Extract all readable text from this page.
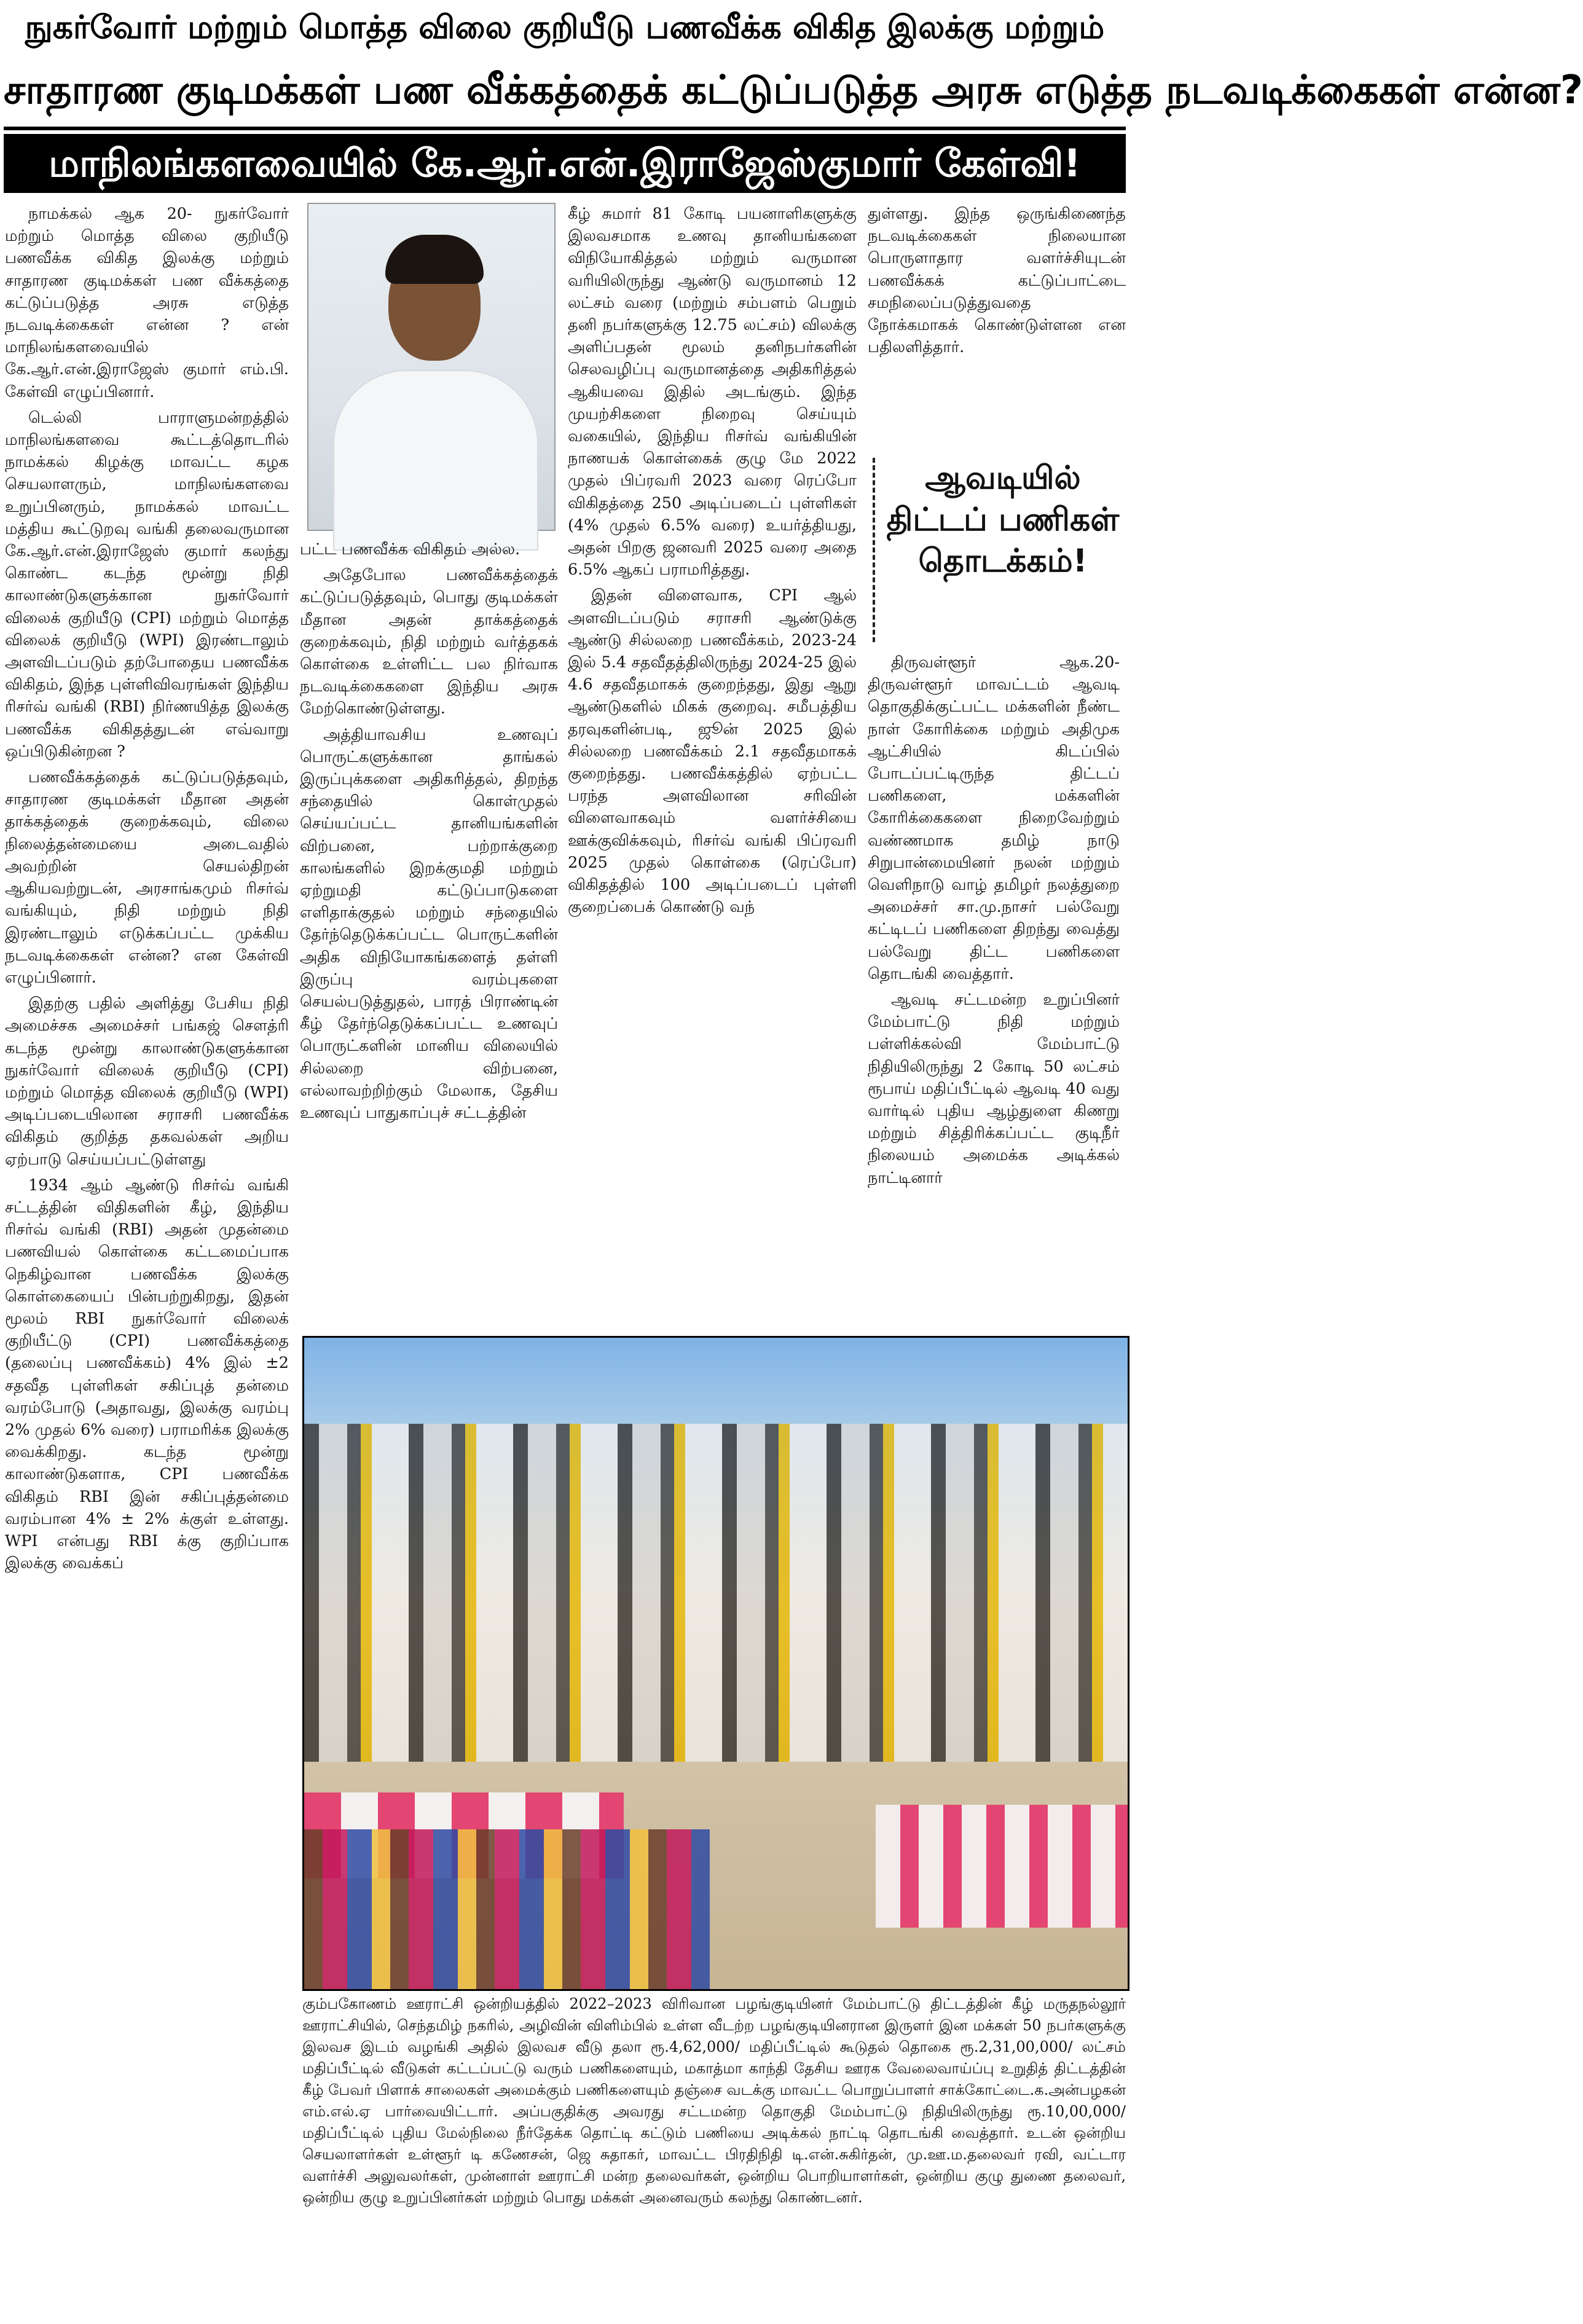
நுகர்வோர் மற்றும் மொத்த விலை குறியீடு பணவீக்க விகித இலக்கு மற்றும்
சாதாரண குடிமக்கள் பண வீக்கத்தைக் கட்டுப்படுத்த அரசு எடுத்த நடவடிக்கைகள் என்ன?
மாநிலங்களவையில் கே.ஆர்.என்.இராஜேஸ்குமார் கேள்வி!

நாமக்கல் ஆக 20- நுகர்வோர் மற்றும் மொத்த விலை குறியீடு பணவீக்க விகித இலக்கு மற்றும் சாதாரண குடிமக்கள் பண வீக்கத்தை கட்டுப்படுத்த அரசு எடுத்த நடவடிக்கைகள் என்ன ? என் மாநிலங்களவையில் கே.ஆர்.என்.இராஜேஸ் குமார் எம்.பி. கேள்வி எழுப்பினார்.

டெல்லி பாராளுமன்றத்தில் மாநிலங்களவை கூட்டத்தொடரில் நாமக்கல் கிழக்கு மாவட்ட கழக செயலாளரும், மாநிலங்களவை உறுப்பினரும், நாமக்கல் மாவட்ட மத்திய கூட்டுறவு வங்கி தலைவருமான கே.ஆர்.என்.இராஜேஸ் குமார் கலந்து கொண்ட கடந்த மூன்று நிதி காலாண்டுகளுக்கான நுகர்வோர் விலைக் குறியீடு (CPI) மற்றும் மொத்த விலைக் குறியீடு (WPI) இரண்டாலும் அளவிடப்படும் தற்போதைய பணவீக்க விகிதம், இந்த புள்ளிவிவரங்கள் இந்திய ரிசர்வ் வங்கி (RBI) நிர்ணயித்த இலக்கு பணவீக்க விகிதத்துடன் எவ்வாறு ஒப்பிடுகின்றன ?

பணவீக்கத்தைக் கட்டுப்படுத்தவும், சாதாரண குடிமக்கள் மீதான அதன் தாக்கத்தைக் குறைக்கவும், விலை நிலைத்தன்மையை அடைவதில் அவற்றின் செயல்திறன் ஆகியவற்றுடன், அரசாங்கமும் ரிசர்வ் வங்கியும், நிதி மற்றும் நிதி இரண்டாலும் எடுக்கப்பட்ட முக்கிய நடவடிக்கைகள் என்ன? என கேள்வி எழுப்பினார்.

இதற்கு பதில் அளித்து பேசிய நிதி அமைச்சக அமைச்சர் பங்கஜ் சௌத்ரி கடந்த மூன்று காலாண்டுகளுக்கான நுகர்வோர் விலைக் குறியீடு (CPI) மற்றும் மொத்த விலைக் குறியீடு (WPI) அடிப்படையிலான சராசரி பணவீக்க விகிதம் குறித்த தகவல்கள் அறிய ஏற்பாடு செய்யப்பட்டுள்ளது

1934 ஆம் ஆண்டு ரிசர்வ் வங்கி சட்டத்தின் விதிகளின் கீழ், இந்திய ரிசர்வ் வங்கி (RBI) அதன் முதன்மை பணவியல் கொள்கை கட்டமைப்பாக நெகிழ்வான பணவீக்க இலக்கு கொள்கையைப் பின்பற்றுகிறது, இதன் மூலம் RBI நுகர்வோர் விலைக் குறியீட்டு (CPI) பணவீக்கத்தை (தலைப்பு பணவீக்கம்) 4% இல் ±2 சதவீத புள்ளிகள் சகிப்புத் தன்மை வரம்போடு (அதாவது, இலக்கு வரம்பு 2% முதல் 6% வரை) பராமரிக்க இலக்கு வைக்கிறது. கடந்த மூன்று காலாண்டுகளாக, CPI பணவீக்க விகிதம் RBI இன் சகிப்புத்தன்மை வரம்பான 4% ± 2% க்குள் உள்ளது. WPI என்பது RBI க்கு குறிப்பாக இலக்கு வைக்கப்

பட்ட பணவீக்க விகிதம் அல்ல.

அதேபோல பணவீக்கத்தைக் கட்டுப்படுத்தவும், பொது குடிமக்கள் மீதான அதன் தாக்கத்தைக் குறைக்கவும், நிதி மற்றும் வர்த்தகக் கொள்கை உள்ளிட்ட பல நிர்வாக நடவடிக்கைகளை இந்திய அரசு மேற்கொண்டுள்ளது.

அத்தியாவசிய உணவுப் பொருட்களுக்கான தாங்கல் இருப்புக்களை அதிகரித்தல், திறந்த சந்தையில் கொள்முதல் செய்யப்பட்ட தானியங்களின் விற்பனை, பற்றாக்குறை காலங்களில் இறக்குமதி மற்றும் ஏற்றுமதி கட்டுப்பாடுகளை எளிதாக்குதல் மற்றும் சந்தையில் தேர்ந்தெடுக்கப்பட்ட பொருட்களின் அதிக விநியோகங்களைத் தள்ளி இருப்பு வரம்புகளை செயல்படுத்துதல், பாரத் பிராண்டின் கீழ் தேர்ந்தெடுக்கப்பட்ட உணவுப் பொருட்களின் மானிய விலையில் சில்லறை விற்பனை, எல்லாவற்றிற்கும் மேலாக, தேசிய உணவுப் பாதுகாப்புச் சட்டத்தின்

கீழ் சுமார் 81 கோடி பயனாளிகளுக்கு இலவசமாக உணவு தானியங்களை விநியோகித்தல் மற்றும் வருமான வரியிலிருந்து ஆண்டு வருமானம் 12 லட்சம் வரை (மற்றும் சம்பளம் பெறும் தனி நபர்களுக்கு 12.75 லட்சம்) விலக்கு அளிப்பதன் மூலம் தனிநபர்களின் செலவழிப்பு வருமானத்தை அதிகரித்தல் ஆகியவை இதில் அடங்கும். இந்த முயற்சிகளை நிறைவு செய்யும் வகையில், இந்திய ரிசர்வ் வங்கியின் நாணயக் கொள்கைக் குழு மே 2022 முதல் பிப்ரவரி 2023 வரை ரெப்போ விகிதத்தை 250 அடிப்படைப் புள்ளிகள் (4% முதல் 6.5% வரை) உயர்த்தியது, அதன் பிறகு ஜனவரி 2025 வரை அதை 6.5% ஆகப் பராமரித்தது.

இதன் விளைவாக, CPI ஆல் அளவிடப்படும் சராசரி ஆண்டுக்கு ஆண்டு சில்லறை பணவீக்கம், 2023-24 இல் 5.4 சதவீதத்திலிருந்து 2024-25 இல் 4.6 சதவீதமாகக் குறைந்தது, இது ஆறு ஆண்டுகளில் மிகக் குறைவு. சமீபத்திய தரவுகளின்படி, ஜூன் 2025 இல் சில்லறை பணவீக்கம் 2.1 சதவீதமாகக் குறைந்தது. பணவீக்கத்தில் ஏற்பட்ட பரந்த அளவிலான சரிவின் விளைவாகவும் வளர்ச்சியை ஊக்குவிக்கவும், ரிசர்வ் வங்கி பிப்ரவரி 2025 முதல் கொள்கை (ரெப்போ) விகிதத்தில் 100 அடிப்படைப் புள்ளி குறைப்பைக் கொண்டு வந்

துள்ளது. இந்த ஒருங்கிணைந்த நடவடிக்கைகள் நிலையான பொருளாதார வளர்ச்சியுடன் பணவீக்கக் கட்டுப்பாட்டை சமநிலைப்படுத்துவதை நோக்கமாகக் கொண்டுள்ளன என பதிலளித்தார்.

ஆவடியில் திட்டப் பணிகள் தொடக்கம்!

திருவள்ளூர் ஆக.20- திருவள்ளூர் மாவட்டம் ஆவடி தொகுதிக்குட்பட்ட மக்களின் நீண்ட நாள் கோரிக்கை மற்றும் அதிமுக ஆட்சியில் கிடப்பில் போடப்பட்டிருந்த திட்டப் பணிகளை, மக்களின் கோரிக்கைகளை நிறைவேற்றும் வண்ணமாக தமிழ் நாடு சிறுபான்மையினர் நலன் மற்றும் வெளிநாடு வாழ் தமிழர் நலத்துறை அமைச்சர் சா.மு.நாசர் பல்வேறு கட்டிடப் பணிகளை திறந்து வைத்து பல்வேறு திட்ட பணிகளை தொடங்கி வைத்தார்.

ஆவடி சட்டமன்ற உறுப்பினர் மேம்பாட்டு நிதி மற்றும் பள்ளிக்கல்வி மேம்பாட்டு நிதியிலிருந்து 2 கோடி 50 லட்சம் ரூபாய் மதிப்பீட்டில் ஆவடி 40 வது வார்டில் புதிய ஆழ்துளை கிணறு மற்றும் சித்திரிக்கப்பட்ட குடிநீர் நிலையம் அமைக்க அடிக்கல் நாட்டினார்

கும்பகோணம் ஊராட்சி ஒன்றியத்தில் 2022–2023 விரிவான பழங்குடியினர் மேம்பாட்டு திட்டத்தின் கீழ் மருதநல்லூர் ஊராட்சியில், செந்தமிழ் நகரில், அழிவின் விளிம்பில் உள்ள வீடற்ற பழங்குடியினரான இருளர் இன மக்கள் 50 நபர்களுக்கு இலவச இடம் வழங்கி அதில் இலவச வீடு தலா ரூ.4,62,000/ மதிப்பீட்டில் கூடுதல் தொகை ரூ.2,31,00,000/ லட்சம் மதிப்பீட்டில் வீடுகள் கட்டப்பட்டு வரும் பணிகளையும், மகாத்மா காந்தி தேசிய ஊரக வேலைவாய்ப்பு உறுதித் திட்டத்தின் கீழ் பேவர் பிளாக் சாலைகள் அமைக்கும் பணிகளையும் தஞ்சை வடக்கு மாவட்ட பொறுப்பாளர் சாக்கோட்டை.க.அன்பழகன் எம்.எல்.ஏ பார்வையிட்டார். அப்பகுதிக்கு அவரது சட்டமன்ற தொகுதி மேம்பாட்டு நிதியிலிருந்து ரூ.10,00,000/ மதிப்பீட்டில் புதிய மேல்நிலை நீர்தேக்க தொட்டி கட்டும் பணியை அடிக்கல் நாட்டி தொடங்கி வைத்தார். உடன் ஒன்றிய செயலாளர்கள் உள்ளூர் டி கணேசன், ஜெ சுதாகர், மாவட்ட பிரதிநிதி டி.என்.சுகிர்தன், மு.ஊ.ம.தலைவர் ரவி, வட்டார வளர்ச்சி அலுவலர்கள், முன்னாள் ஊராட்சி மன்ற தலைவர்கள், ஒன்றிய பொறியாளர்கள், ஒன்றிய குழு துணை தலைவர், ஒன்றிய குழு உறுப்பினர்கள் மற்றும் பொது மக்கள் அனைவரும் கலந்து கொண்டனர்.
